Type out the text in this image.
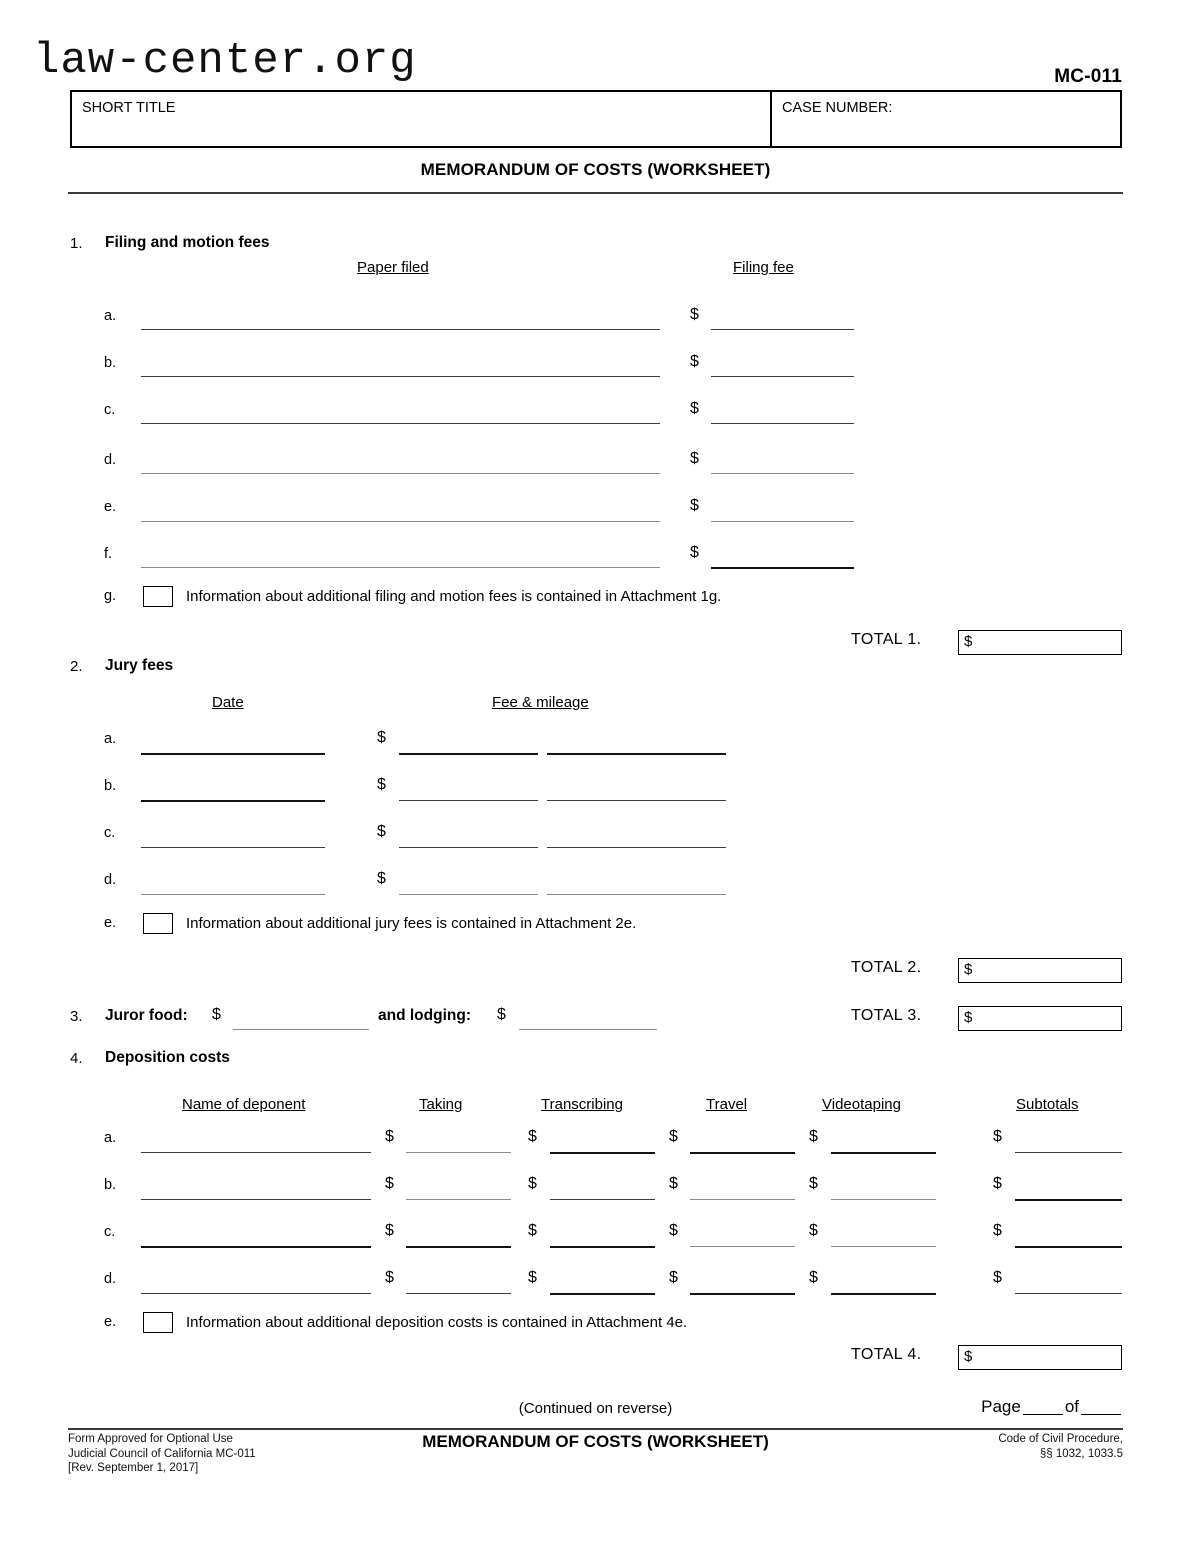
law-center.org	MC-011
SHORT TITLE	CASE NUMBER:
MEMORANDUM OF COSTS (WORKSHEET)
1. Filing and motion fees
Paper filed	Filing fee
a.	$
b.	$
c.	$
d.	$
e.	$
f.	$
g.	Information about additional filing and motion fees is contained in Attachment 1g.
TOTAL 1.	$
2. Jury fees
Date	Fee & mileage
a.	$
b.	$
c.	$
d.	$
e.	Information about additional jury fees is contained in Attachment 2e.
TOTAL 2.	$
3. Juror food: $	and lodging: $	TOTAL 3.	$
4. Deposition costs
Name of deponent	Taking	Transcribing	Travel	Videotaping	Subtotals
a.	$	$	$	$	$
b.	$	$	$	$	$
c.	$	$	$	$	$
d.	$	$	$	$	$
e.	Information about additional deposition costs is contained in Attachment 4e.
TOTAL 4.	$
(Continued on reverse)	Page	of
Form Approved for Optional Use
Judicial Council of California MC-011
[Rev. September 1, 2017]
MEMORANDUM OF COSTS (WORKSHEET)	Code of Civil Procedure,
§§ 1032, 1033.5
